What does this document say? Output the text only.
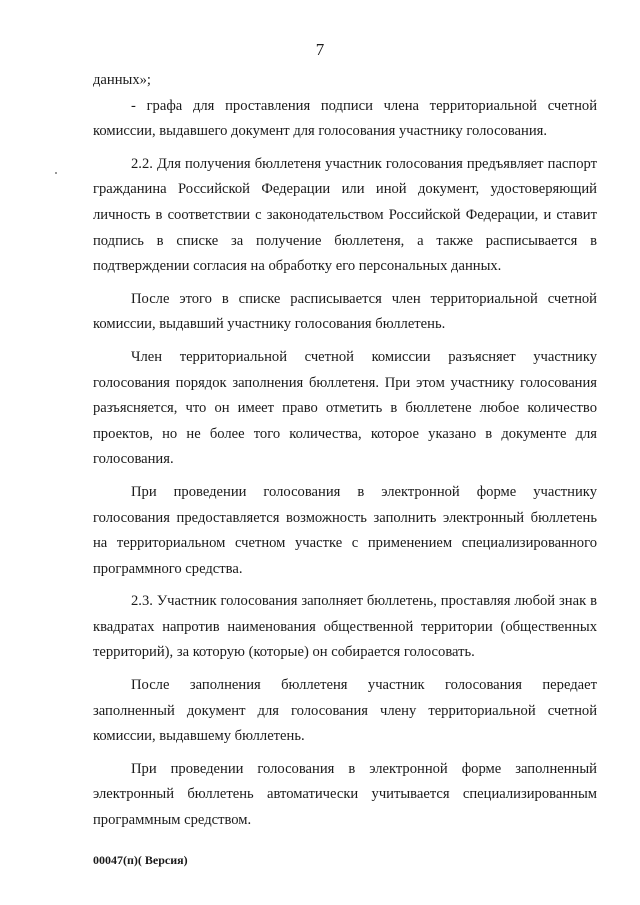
7

данных»;

- графа для проставления подписи члена территориальной счетной комиссии, выдавшего документ для голосования участнику голосования.

2.2. Для получения бюллетеня участник голосования предъявляет паспорт гражданина Российской Федерации или иной документ, удостоверяющий личность в соответствии с законодательством Российской Федерации, и ставит подпись в списке за получение бюллетеня, а также расписывается в подтверждении согласия на обработку его персональных данных.

После этого в списке расписывается член территориальной счетной комиссии, выдавший участнику голосования бюллетень.

Член территориальной счетной комиссии разъясняет участнику голосования порядок заполнения бюллетеня. При этом участнику голосования разъясняется, что он имеет право отметить в бюллетене любое количество проектов, но не более того количества, которое указано в документе для голосования.

При проведении голосования в электронной форме участнику голосования предоставляется возможность заполнить электронный бюллетень на территориальном счетном участке с применением специализированного программного средства.

2.3. Участник голосования заполняет бюллетень, проставляя любой знак в квадратах напротив наименования общественной территории (общественных территорий), за которую (которые) он собирается голосовать.

После заполнения бюллетеня участник голосования передает заполненный документ для голосования члену территориальной счетной комиссии, выдавшему бюллетень.

При проведении голосования в электронной форме заполненный электронный бюллетень автоматически учитывается специализированным программным средством.

00047(п)( Версия)
